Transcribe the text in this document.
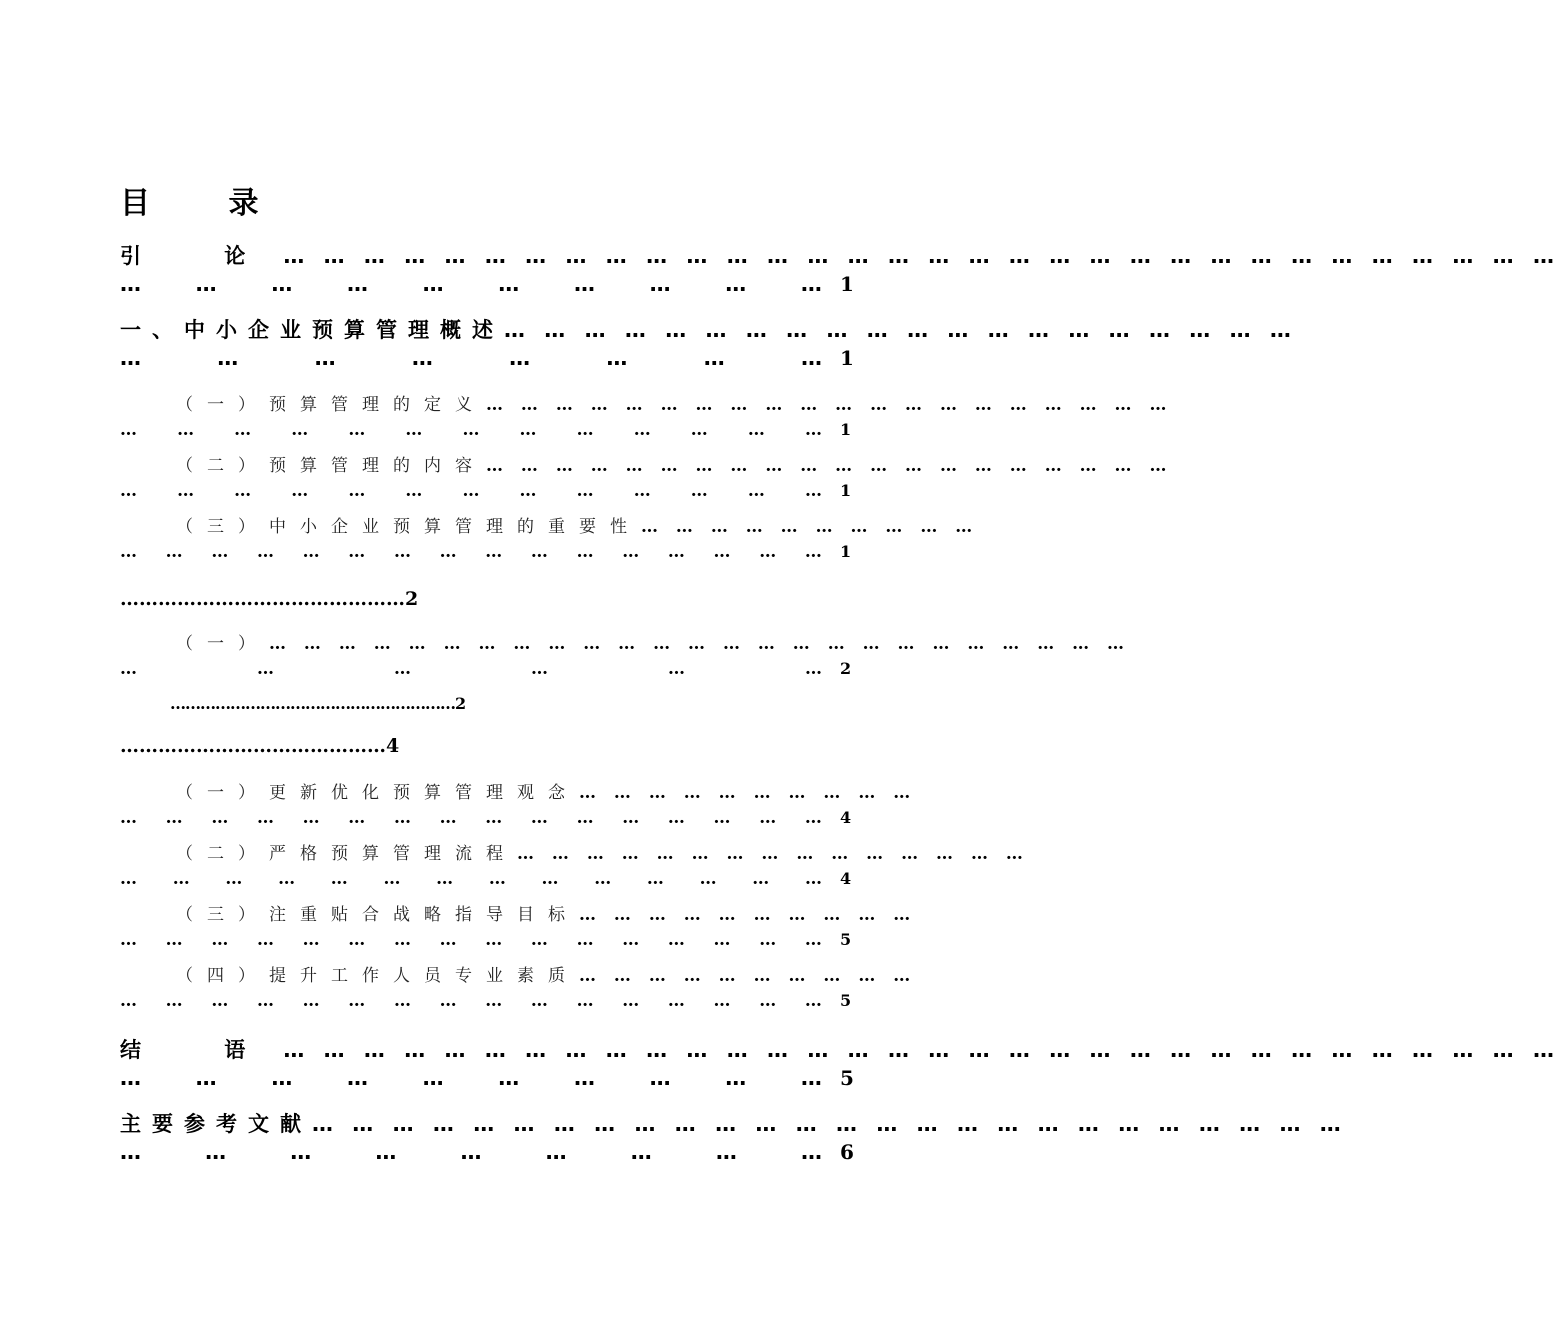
目 录
引 论 … … … … … … … … … … … … … … … … … … … … … … … … … … … … … … … …
…	…	…	…	…	…	…	…	…	… 1
一、中小企业预算管理概述 … … … … … … … … … … … … … … … … … … … …
…	…	…	…	…	…	…	… 1
（一）预算管理的定义 … … … … … … … … … … … … … … … … … … … …
… … … … … … … … … … … … … 1
（二）预算管理的内容 … … … … … … … … … … … … … … … … … … … …
… … … … … … … … … … … … … 1
（三）中小企业预算管理的重要性 … … … … … … … … … …
… … … … … … … … … … … … … … … … 1
………………………………………2
（一） … … … … … … … … … … … … … … … … … … … … … … … … …
…	…	…	…	…	… 2
…………………………………………………2
……………………………………4
（一）更新优化预算管理观念 … … … … … … … … … …
… … … … … … … … … … … … … … … … 4
（二）严格预算管理流程 … … … … … … … … … … … … … … …
… … … … … … … … … … … … … … 4
（三）注重贴合战略指导目标 … … … … … … … … … …
… … … … … … … … … … … … … … … … 5
（四）提升工作人员专业素质 … … … … … … … … … …
… … … … … … … … … … … … … … … … 5
结 语 … … … … … … … … … … … … … … … … … … … … … … … … … … … … … … … …
…	…	…	…	…	…	…	…	…	… 5
主要参考文献 … … … … … … … … … … … … … … … … … … … … … … … … … …
…	…	…	…	…	…	…	…	… 6
